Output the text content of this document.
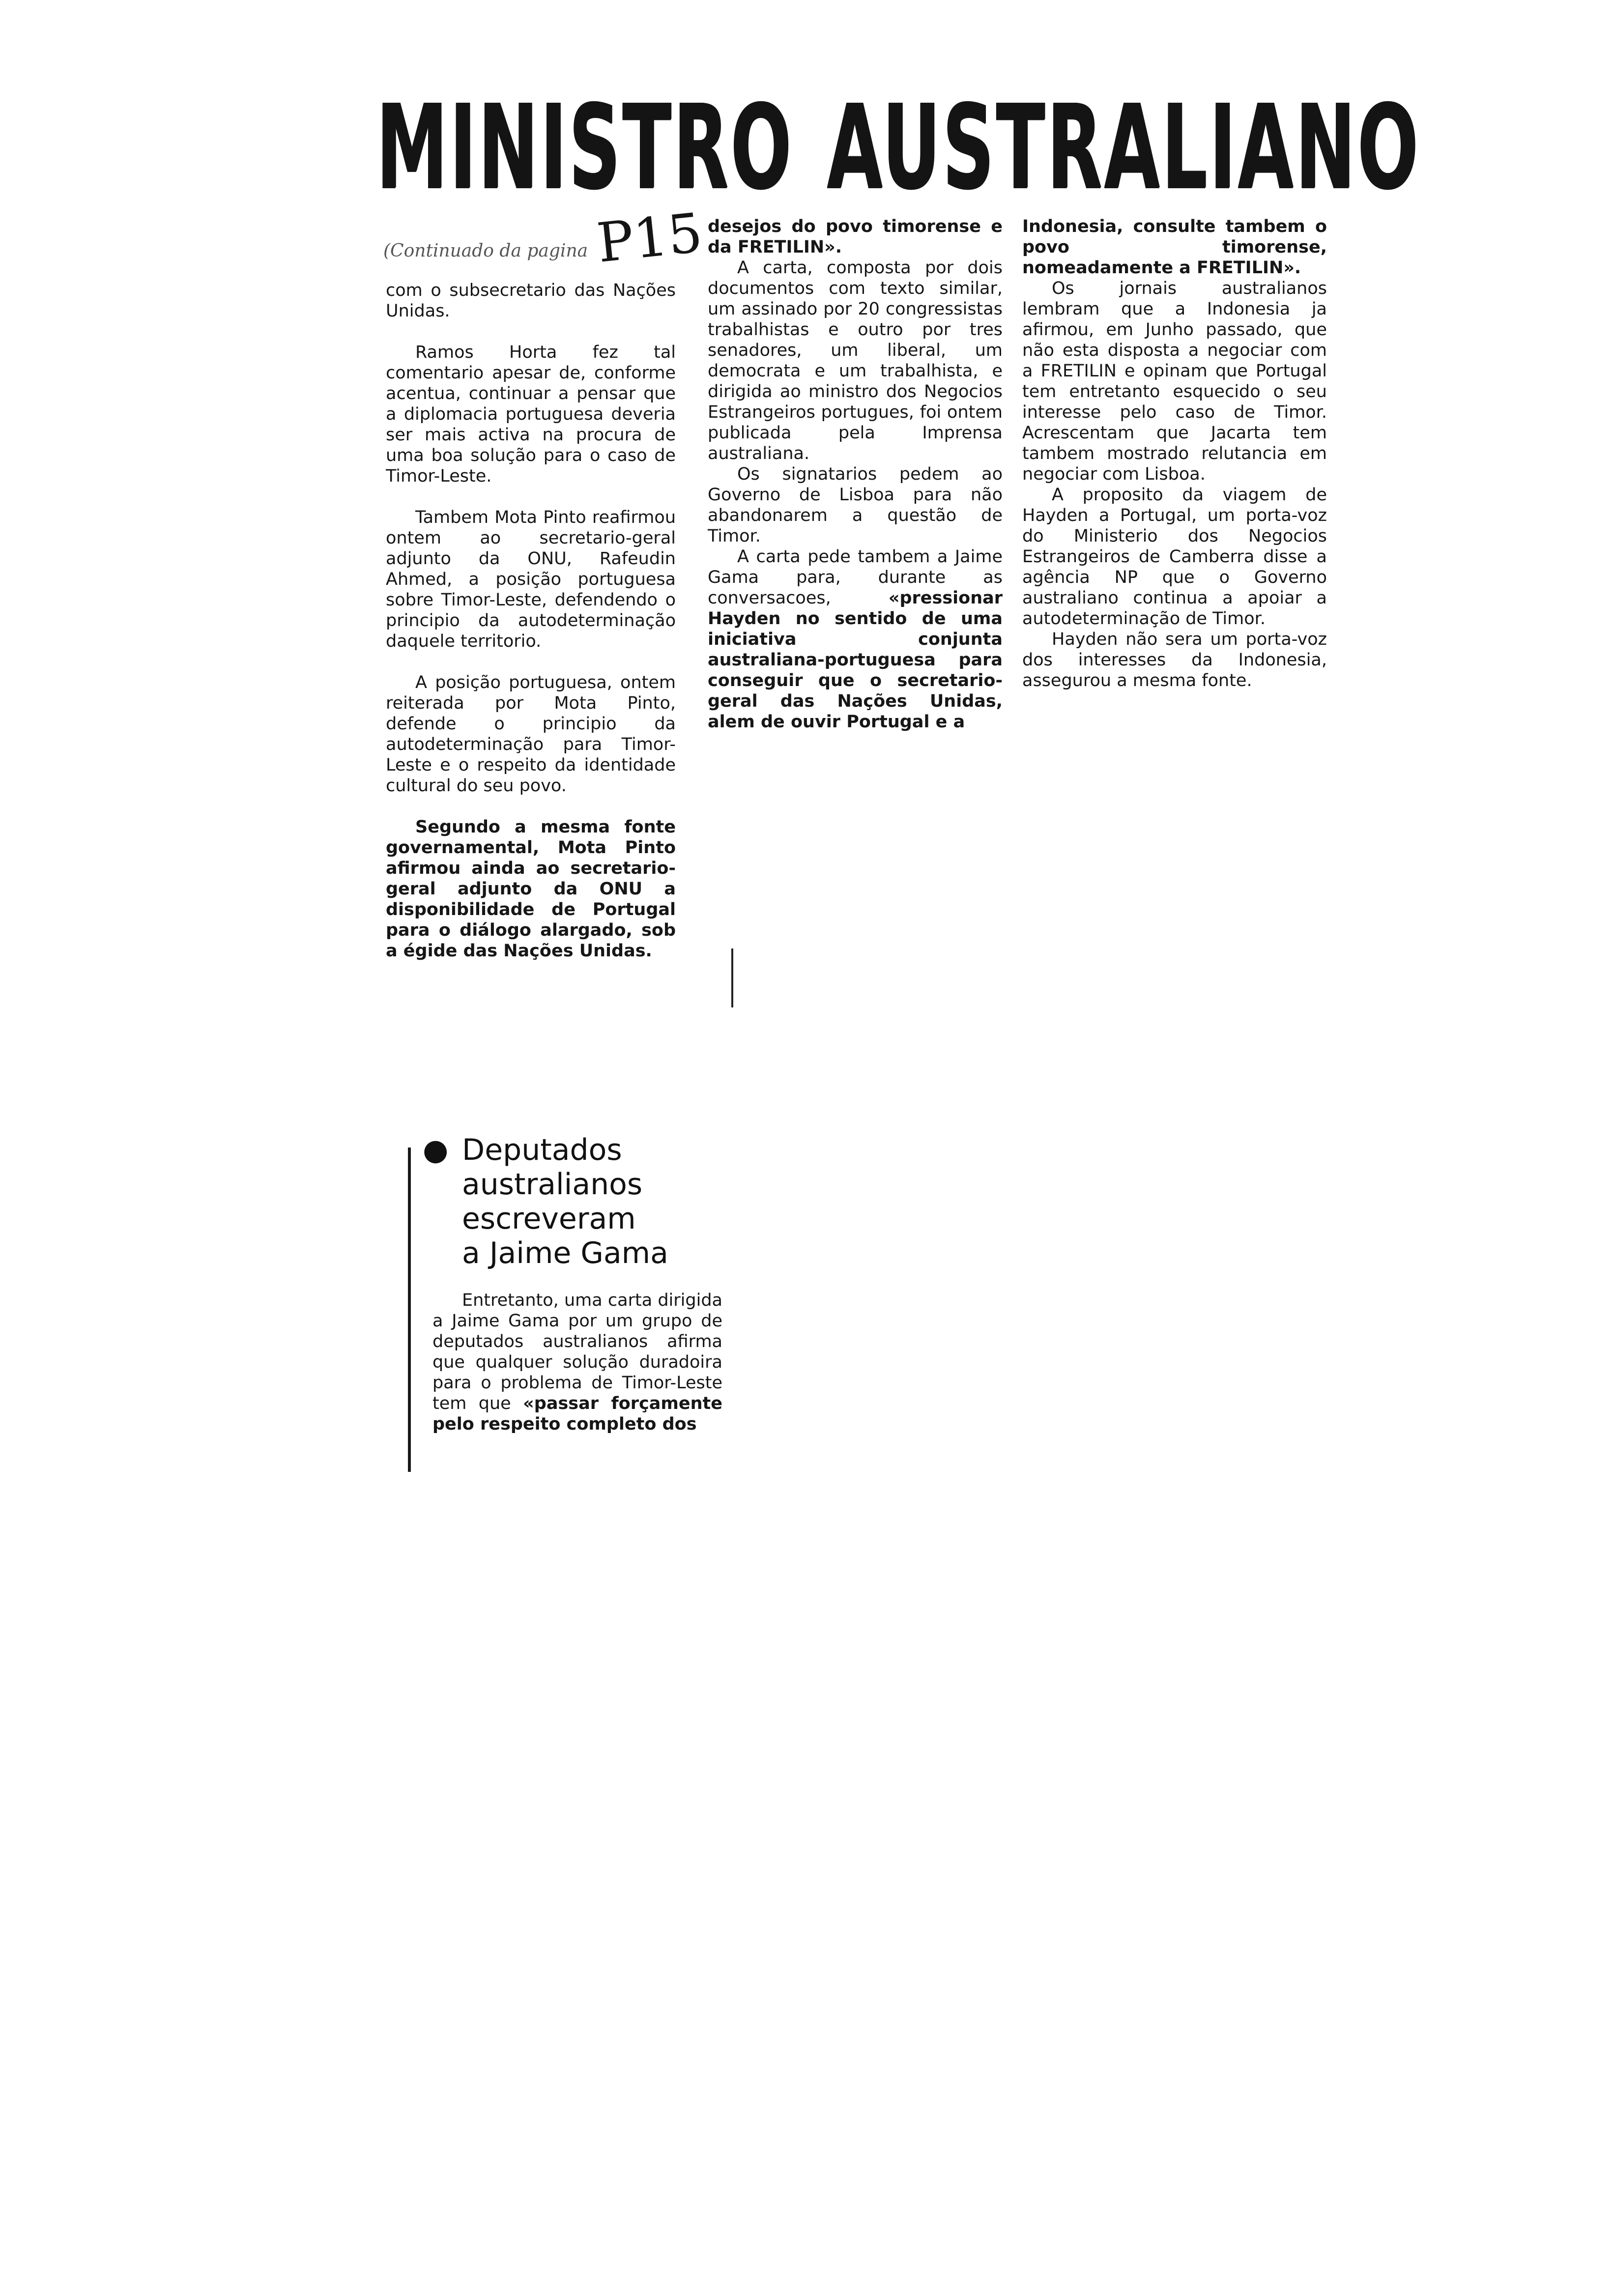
MINISTRO AUSTRALIANO
(Continuado da pagina P15

com o subsecretario das Nações Unidas.

Ramos Horta fez tal comentario apesar de, conforme acentua, continuar a pensar que a diplomacia portuguesa deveria ser mais activa na procura de uma boa solução para o caso de Timor-Leste.

Tambem Mota Pinto reafirmou ontem ao secretario-geral adjunto da ONU, Rafeudin Ahmed, a posição portuguesa sobre Timor-Leste, defendendo o principio da autodeterminação daquele territorio.

A posição portuguesa, ontem reiterada por Mota Pinto, defende o principio da autodeterminação para Timor-Leste e o respeito da identidade cultural do seu povo.

Segundo a mesma fonte governamental, Mota Pinto afirmou ainda ao secretario-geral adjunto da ONU a disponibilidade de Portugal para o diálogo alargado, sob a égide das Nações Unidas.

desejos do povo timorense e da FRETILIN».

A carta, composta por dois documentos com texto similar, um assinado por 20 congressistas trabalhistas e outro por tres senadores, um liberal, um democrata e um trabalhista, e dirigida ao ministro dos Negocios Estrangeiros portugues, foi ontem publicada pela Imprensa australiana.

Os signatarios pedem ao Governo de Lisboa para não abandonarem a questão de Timor.

A carta pede tambem a Jaime Gama para, durante as conversacoes,	«pressionar Hayden no sentido de uma iniciativa conjunta australiana-portuguesa para conseguir que o secretario-geral das Nações Unidas, alem de ouvir Portugal e a

Indonesia, consulte tambem o povo timorense, nomeadamente a FRETILIN».

Os jornais australianos lembram que a Indonesia ja afirmou, em Junho passado, que não esta disposta a negociar com a FRETILIN e opinam que Portugal tem entretanto esquecido o seu interesse pelo caso de Timor. Acrescentam que Jacarta tem tambem mostrado relutancia em negociar com Lisboa.

A proposito da viagem de Hayden a Portugal, um porta-voz do Ministerio dos Negocios Estrangeiros de Camberra disse a agência NP que o Governo australiano continua a apoiar a autodeterminação de Timor.

Hayden não sera um porta-voz dos interesses da Indonesia, assegurou a mesma fonte.

● Deputados
australianos
escreveram
a Jaime Gama

Entretanto, uma carta dirigida a Jaime Gama por um grupo de deputados australianos afirma que qualquer solução duradoira para o problema de Timor-Leste tem que «passar forçamente pelo respeito completo dos
